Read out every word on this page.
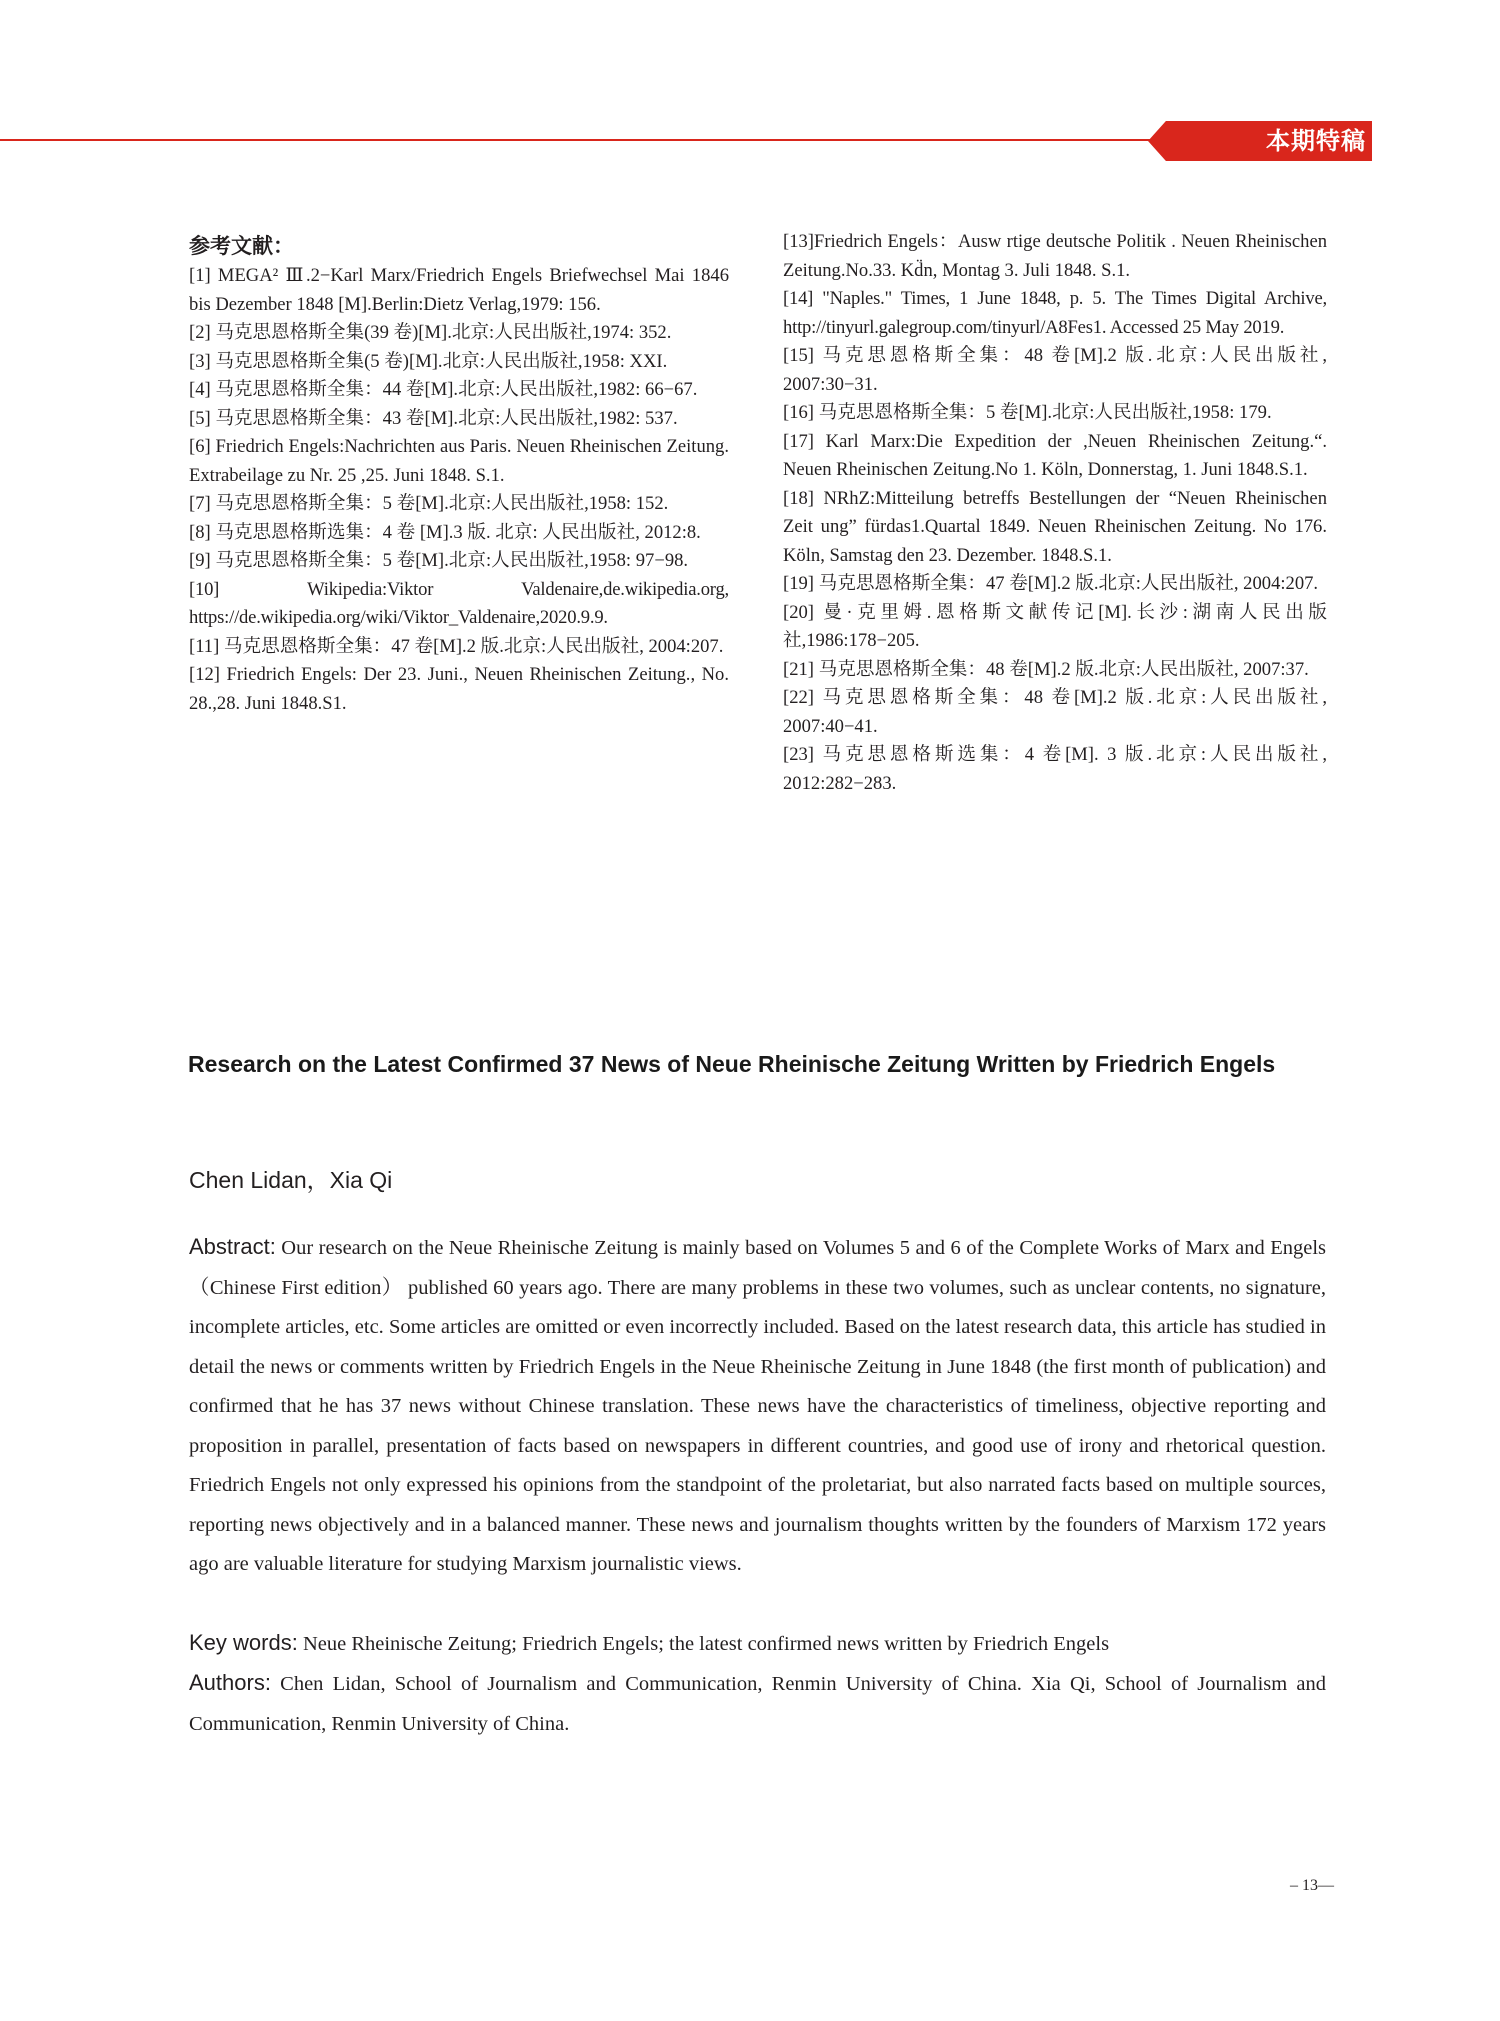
本期特稿
参考文献：
[1] MEGA² Ⅲ.2−Karl Marx/Friedrich Engels Briefwechsel Mai 1846 bis Dezember 1848 [M].Berlin:Dietz Verlag,1979: 156.
[2] 马克思恩格斯全集(39 卷)[M].北京:人民出版社,1974: 352.
[3] 马克思恩格斯全集(5 卷)[M].北京:人民出版社,1958: XXI.
[4] 马克思恩格斯全集：44 卷[M].北京:人民出版社,1982: 66−67.
[5] 马克思恩格斯全集：43 卷[M].北京:人民出版社,1982: 537.
[6] Friedrich Engels:Nachrichten aus Paris. Neuen Rheinischen Zeitung. Extrabeilage zu Nr. 25 ,25. Juni 1848. S.1.
[7] 马克思恩格斯全集：5 卷[M].北京:人民出版社,1958: 152.
[8] 马克思恩格斯选集：4 卷 [M].3 版. 北京: 人民出版社, 2012:8.
[9] 马克思恩格斯全集：5 卷[M].北京:人民出版社,1958: 97−98.
[10] Wikipedia:Viktor Valdenaire,de.wikipedia.org, https://de.wikipedia.org/wiki/Viktor_Valdenaire,2020.9.9.
[11] 马克思恩格斯全集：47 卷[M].2 版.北京:人民出版社, 2004:207.
[12] Friedrich Engels: Der 23. Juni., Neuen Rheinischen Zeitung., No. 28.,28. Juni 1848.S1.
[13]Friedrich Engels：Ausw rtige deutsche Politik . Neuen Rheinischen Zeitung.No.33. Kd̈n, Montag 3. Juli 1848. S.1.
[14] "Naples." Times, 1 June 1848, p. 5. The Times Digital Archive, http://tinyurl.galegroup.com/tinyurl/A8Fes1. Accessed 25 May 2019.
[15] 马克思恩格斯全集：48 卷[M].2 版.北京:人民出版社, 2007:30−31.
[16] 马克思恩格斯全集：5 卷[M].北京:人民出版社,1958: 179.
[17] Karl Marx:Die Expedition der ,Neuen Rheinischen Zeitung.“. Neuen Rheinischen Zeitung.No 1. Köln, Donnerstag, 1. Juni 1848.S.1.
[18] NRhZ:Mitteilung betreffs Bestellungen der “Neuen Rheinischen Zeit ung” fürdas1.Quartal 1849. Neuen Rheinischen Zeitung. No 176. Köln, Samstag den 23. Dezember. 1848.S.1.
[19] 马克思恩格斯全集：47 卷[M].2 版.北京:人民出版社, 2004:207.
[20] 曼·克里姆.恩格斯文献传记[M].长沙:湖南人民出版社,1986:178−205.
[21] 马克思恩格斯全集：48 卷[M].2 版.北京:人民出版社, 2007:37.
[22] 马克思恩格斯全集：48 卷[M].2 版.北京:人民出版社, 2007:40−41.
[23] 马克思恩格斯选集：4 卷[M]. 3 版.北京:人民出版社, 2012:282−283.
Research on the Latest Confirmed 37 News of Neue Rheinische Zeitung Written by Friedrich Engels
Chen Lidan，Xia Qi

Abstract: Our research on the Neue Rheinische Zeitung is mainly based on Volumes 5 and 6 of the Complete Works of Marx and Engels（Chinese First edition） published 60 years ago. There are many problems in these two volumes, such as unclear contents, no signature, incomplete articles, etc. Some articles are omitted or even incorrectly included. Based on the latest research data, this article has studied in detail the news or comments written by Friedrich Engels in the Neue Rheinische Zeitung in June 1848 (the first month of publication) and confirmed that he has 37 news without Chinese translation. These news have the characteristics of timeliness, objective reporting and proposition in parallel, presentation of facts based on newspapers in different countries, and good use of irony and rhetorical question. Friedrich Engels not only expressed his opinions from the standpoint of the proletariat, but also narrated facts based on multiple sources, reporting news objectively and in a balanced manner. These news and journalism thoughts written by the founders of Marxism 172 years ago are valuable literature for studying Marxism journalistic views.

Key words: Neue Rheinische Zeitung; Friedrich Engels; the latest confirmed news written by Friedrich Engels

Authors: Chen Lidan, School of Journalism and Communication, Renmin University of China. Xia Qi, School of Journalism and Communication, Renmin University of China.

– 13—
